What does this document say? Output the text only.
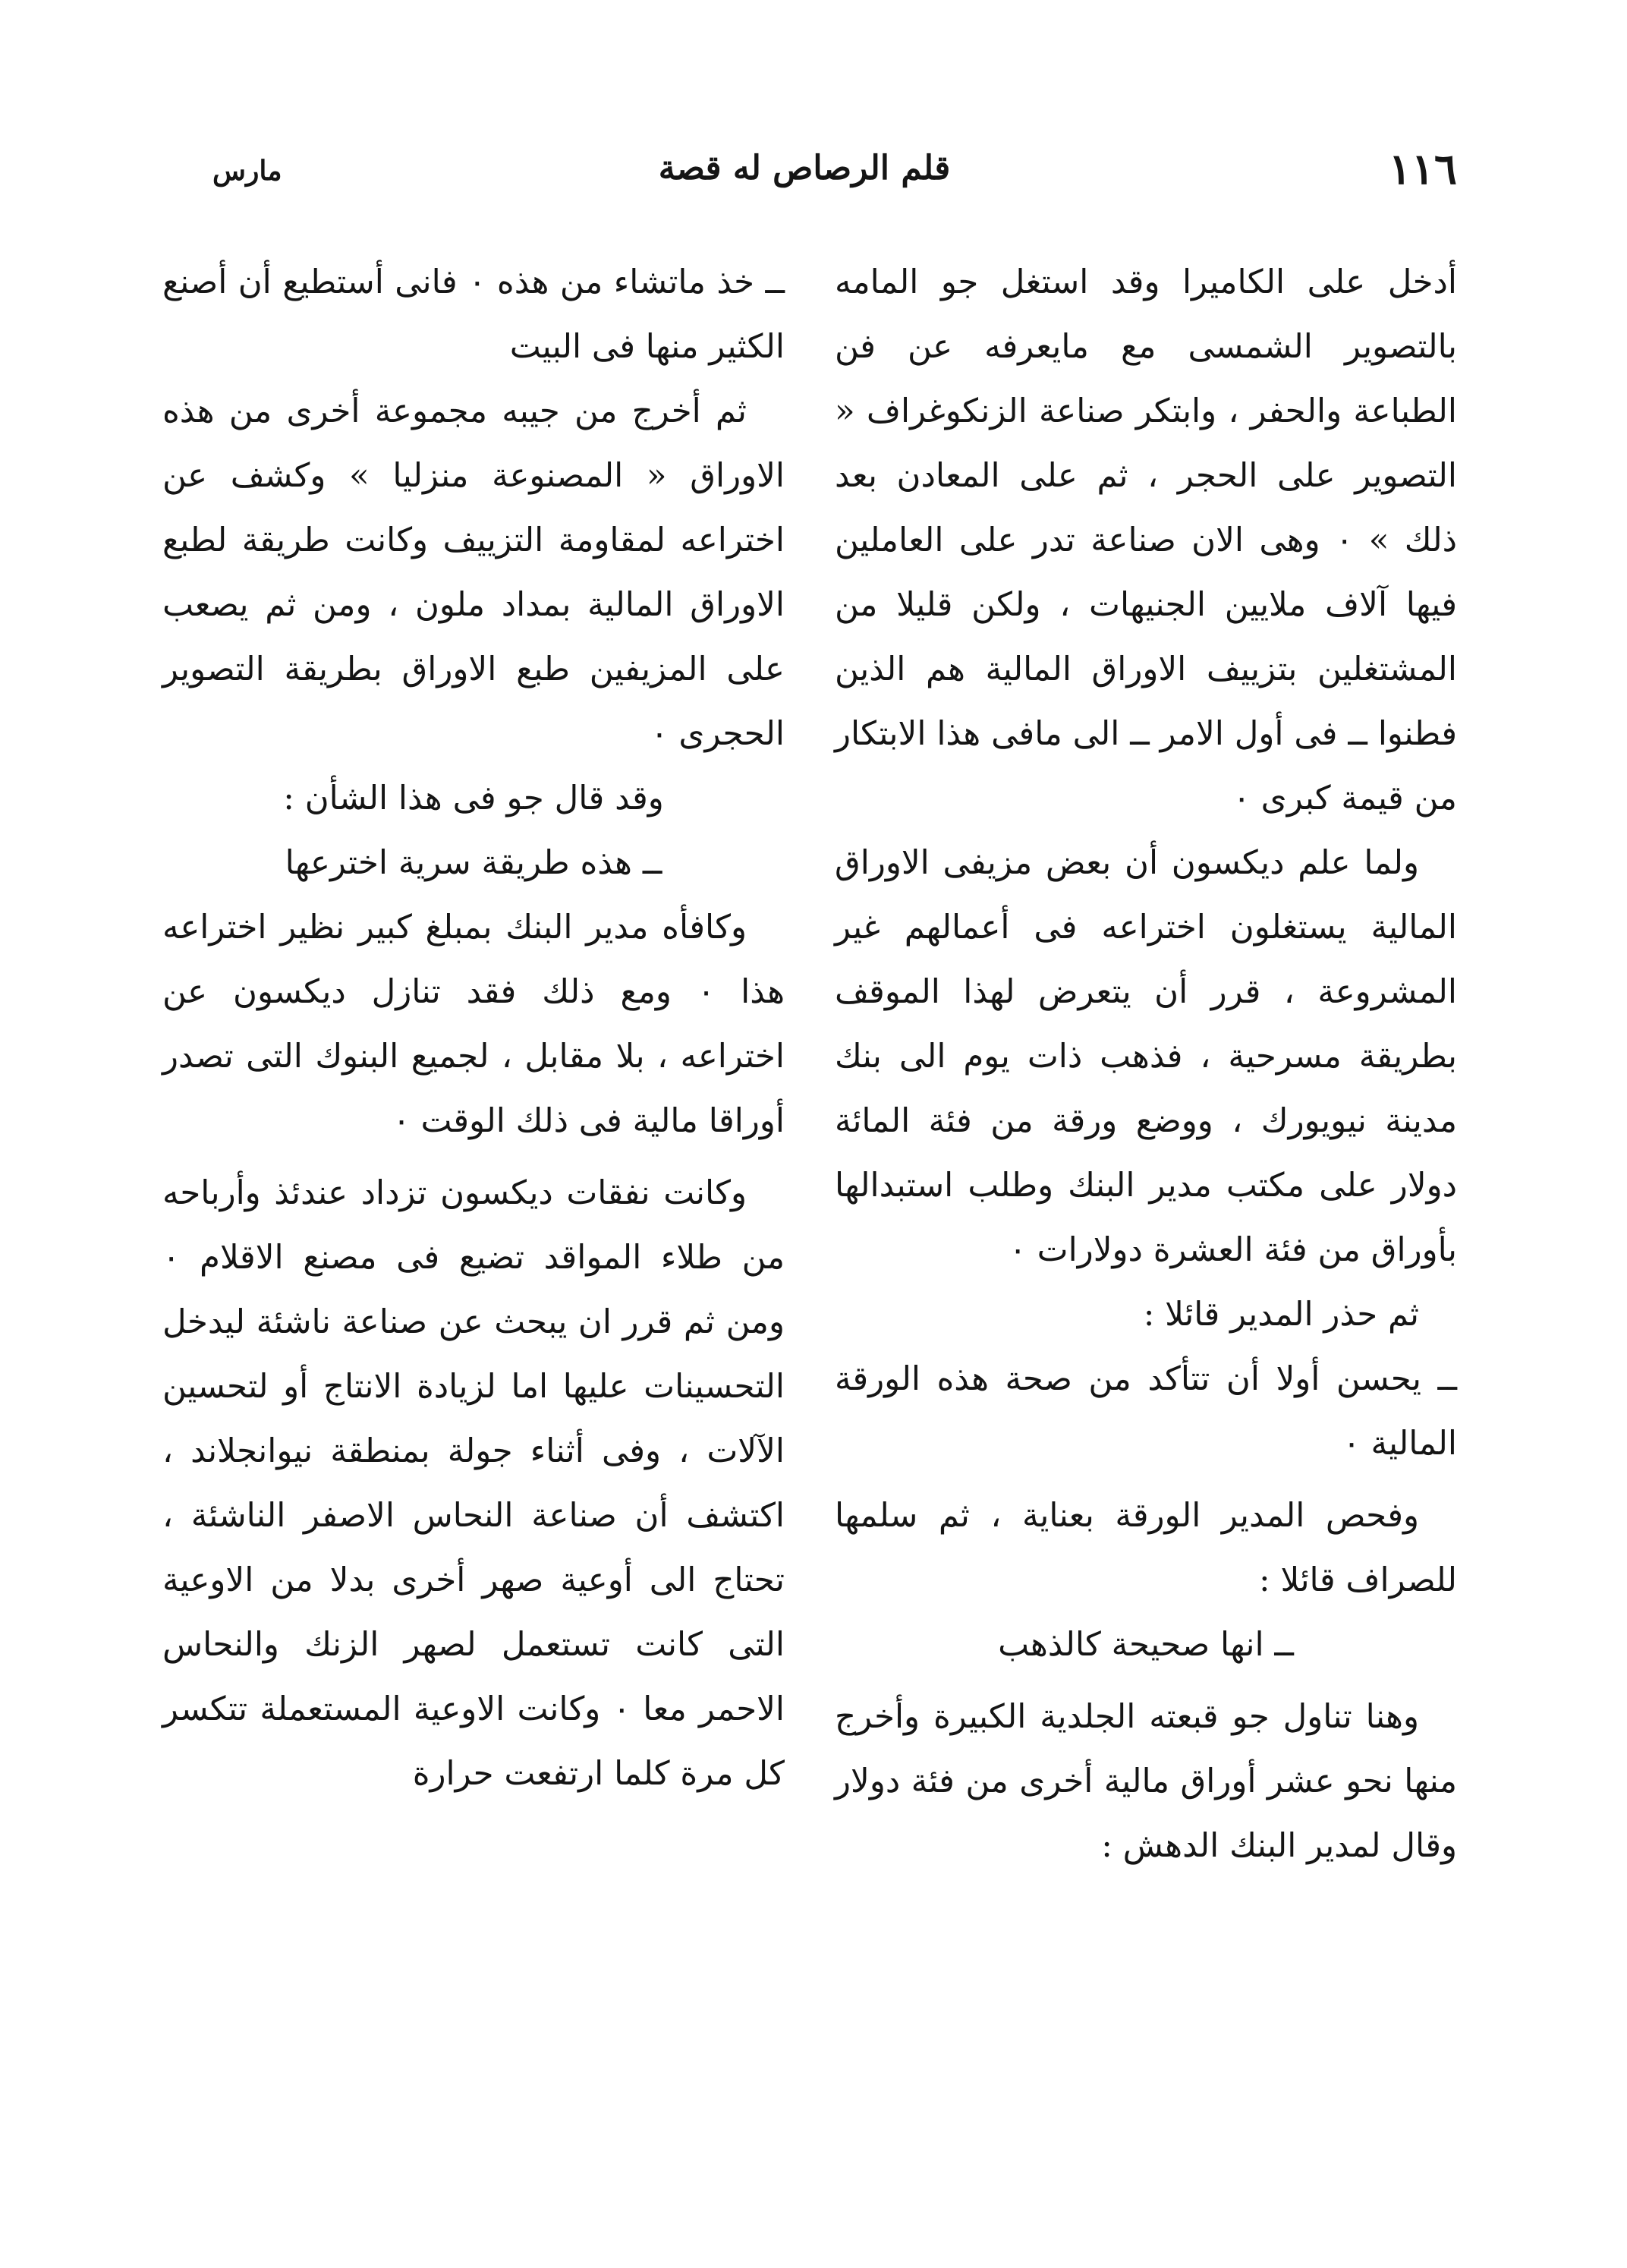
١١٦
قلم الرصاص له قصة
مارس

أدخل على الكاميرا وقد استغل جو المامه بالتصوير الشمسى مع مايعرفه عن فن الطباعة والحفر ، وابتكر صناعة الزنكوغراف « التصوير على الحجر ، ثم على المعادن بعد ذلك » ٠ وهى الان صناعة تدر على العاملين فيها آلاف ملايين الجنيهات ، ولكن قليلا من المشتغلين بتزييف الاوراق المالية هم الذين فطنوا ــ فى أول الامر ــ الى مافى هذا الابتكار من قيمة كبرى ٠

ولما علم ديكسون أن بعض مزيفى الاوراق المالية يستغلون اختراعه فى أعمالهم غير المشروعة ، قرر أن يتعرض لهذا الموقف بطريقة مسرحية ، فذهب ذات يوم الى بنك مدينة نيويورك ، ووضع ورقة من فئة المائة دولار على مكتب مدير البنك وطلب استبدالها بأوراق من فئة العشرة دولارات ٠

ثم حذر المدير قائلا :

ــ يحسن أولا أن تتأكد من صحة هذه الورقة المالية ٠

وفحص المدير الورقة بعناية ، ثم سلمها للصراف قائلا :

ــ انها صحيحة كالذهب

وهنا تناول جو قبعته الجلدية الكبيرة وأخرج منها نحو عشر أوراق مالية أخرى من فئة دولار وقال لمدير البنك الدهش :

ــ خذ ماتشاء من هذه ٠ فانى أستطيع أن أصنع الكثير منها فى البيت

ثم أخرج من جيبه مجموعة أخرى من هذه الاوراق « المصنوعة منزليا » وكشف عن اختراعه لمقاومة التزييف وكانت طريقة لطبع الاوراق المالية بمداد ملون ، ومن ثم يصعب على المزيفين طبع الاوراق بطريقة التصوير الحجرى ٠

وقد قال جو فى هذا الشأن :

ــ هذه طريقة سرية اخترعها

وكافأه مدير البنك بمبلغ كبير نظير اختراعه هذا ٠ ومع ذلك فقد تنازل ديكسون عن اختراعه ، بلا مقابل ، لجميع البنوك التى تصدر أوراقا مالية فى ذلك الوقت ٠

وكانت نفقات ديكسون تزداد عندئذ وأرباحه من طلاء المواقد تضيع فى مصنع الاقلام ٠ ومن ثم قرر ان يبحث عن صناعة ناشئة ليدخل التحسينات عليها اما لزيادة الانتاج أو لتحسين الآلات ، وفى أثناء جولة بمنطقة نيوانجلاند ، اكتشف أن صناعة النحاس الاصفر الناشئة ، تحتاج الى أوعية صهر أخرى بدلا من الاوعية التى كانت تستعمل لصهر الزنك والنحاس الاحمر معا ٠ وكانت الاوعية المستعملة تتكسر كل مرة كلما ارتفعت حرارة
